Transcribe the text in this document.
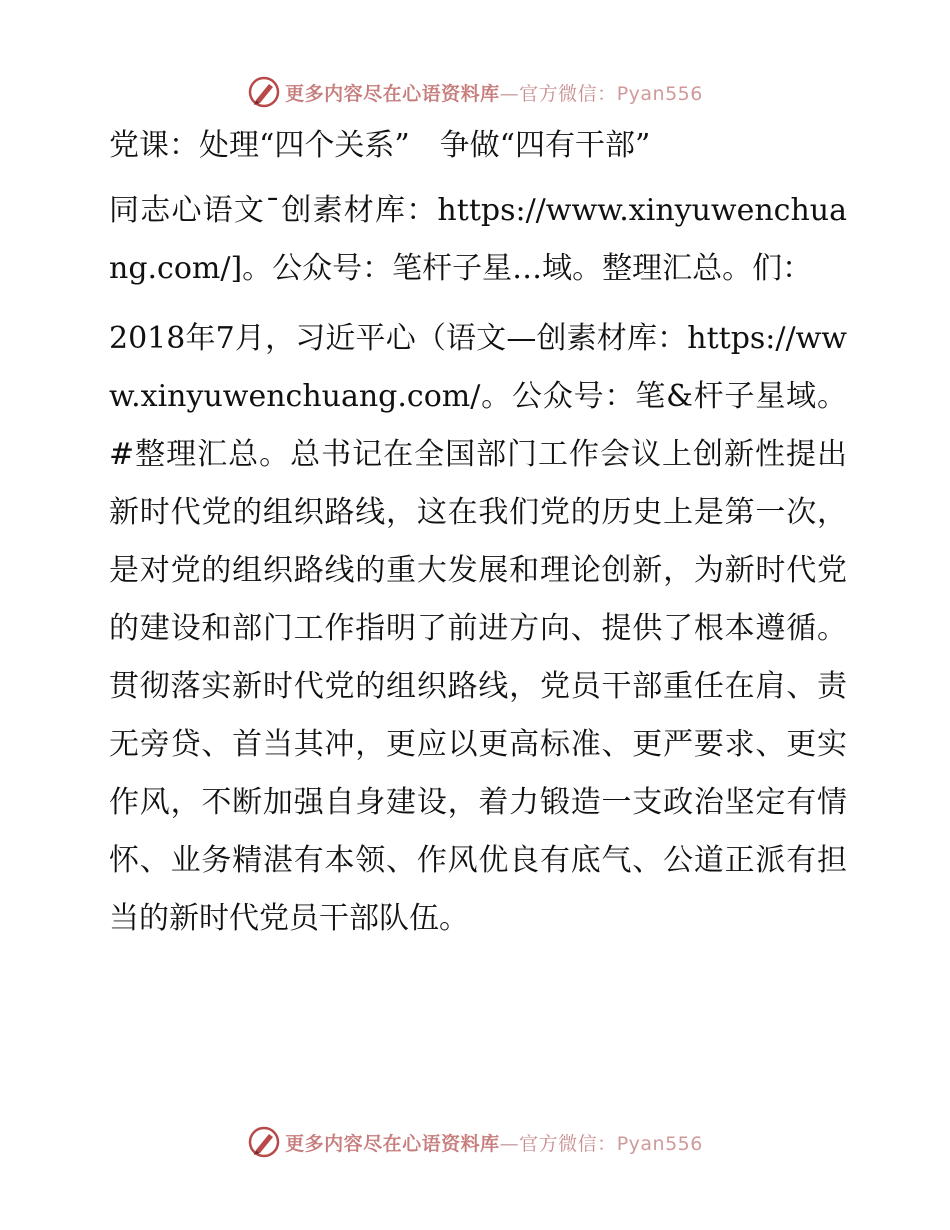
更多内容尽在心语资料库—官方微信：Pyan556
党课：处理“四个关系”　争做“四有干部”

同志心语文¯创素材库：https://www.xinyuwenchuang.com/]。公众号：笔杆子星…域。整理汇总。们：

2018年7月，习近平心（语文—创素材库：https://www.xinyuwenchuang.com/。公众号：笔&杆子星域。#整理汇总。总书记在全国部门工作会议上创新性提出新时代党的组织路线，这在我们党的历史上是第一次，是对党的组织路线的重大发展和理论创新，为新时代党的建设和部门工作指明了前进方向、提供了根本遵循。贯彻落实新时代党的组织路线，党员干部重任在肩、责无旁贷、首当其冲，更应以更高标准、更严要求、更实作风，不断加强自身建设，着力锻造一支政治坚定有情怀、业务精湛有本领、作风优良有底气、公道正派有担当的新时代党员干部队伍。

更多内容尽在心语资料库—官方微信：Pyan556
